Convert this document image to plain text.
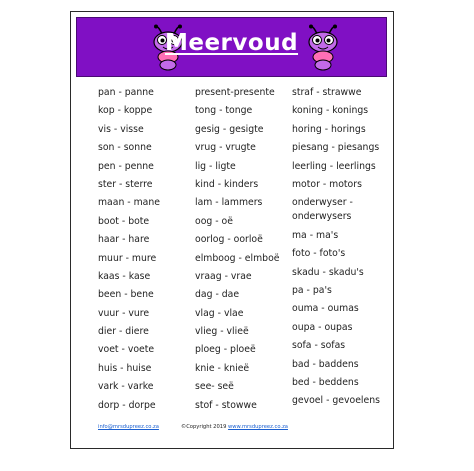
Meervoud
pan - panne
kop - koppe
vis - visse
son - sonne
pen - penne
ster - sterre
maan - mane
boot - bote
haar - hare
muur - mure
kaas - kase
been - bene
vuur - vure
dier - diere
voet - voete
huis - huise
vark - varke
dorp - dorpe
present-presente
tong - tonge
gesig - gesigte
vrug - vrugte
lig - ligte
kind - kinders
lam - lammers
oog - oë
oorlog - oorloë
elmboog - elmboë
vraag - vrae
dag - dae
vlag - vlae
vlieg - vlieë
ploeg - ploeë
knie - knieë
see- seë
stof - stowwe
straf - strawwe
koning - konings
horing - horings
piesang - piesangs
leerling - leerlings
motor - motors
onderwyser - onderwysers
ma - ma's
foto - foto's
skadu - skadu's
pa - pa's
ouma - oumas
oupa - oupas
sofa - sofas
bad - baddens
bed - beddens
gevoel - gevoelens
info@mrsdupreez.co.za	©Copyright 2019 www.mrsdupreez.co.za
